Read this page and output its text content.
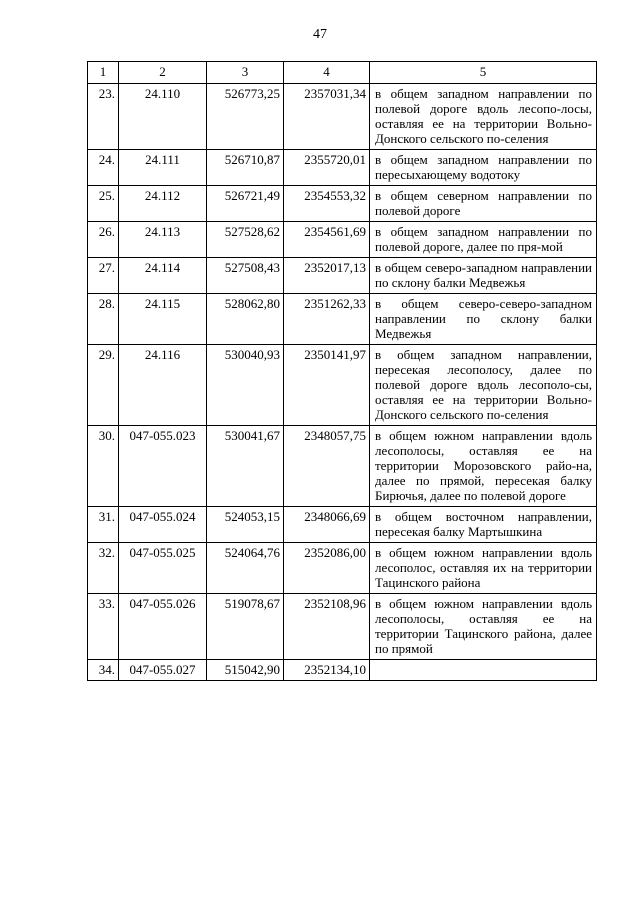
47
1	2	3	4	5
23.	24.110	526773,25	2357031,34	в общем западном направлении по полевой дороге вдоль лесопо-лосы, оставляя ее на территории Вольно-Донского сельского по-селения
24.	24.111	526710,87	2355720,01	в общем западном направлении по пересыхающему водотоку
25.	24.112	526721,49	2354553,32	в общем северном направлении по полевой дороге
26.	24.113	527528,62	2354561,69	в общем западном направлении по полевой дороге, далее по пря-мой
27.	24.114	527508,43	2352017,13	в общем северо-западном направлении по склону балки Медвежья
28.	24.115	528062,80	2351262,33	в общем северо-северо-западном направлении по склону балки Медвежья
29.	24.116	530040,93	2350141,97	в общем западном направлении, пересекая лесополосу, далее по полевой дороге вдоль лесополо-сы, оставляя ее на территории Вольно-Донского сельского по-селения
30.	047-055.023	530041,67	2348057,75	в общем южном направлении вдоль лесополосы, оставляя ее на территории Морозовского райо-на, далее по прямой, пересекая балку Бирючья, далее по полевой дороге
31.	047-055.024	524053,15	2348066,69	в общем восточном направлении, пересекая балку Мартышкина
32.	047-055.025	524064,76	2352086,00	в общем южном направлении вдоль лесополос, оставляя их на территории Тацинского района
33.	047-055.026	519078,67	2352108,96	в общем южном направлении вдоль лесополосы, оставляя ее на территории Тацинского района, далее по прямой
34.	047-055.027	515042,90	2352134,10	
